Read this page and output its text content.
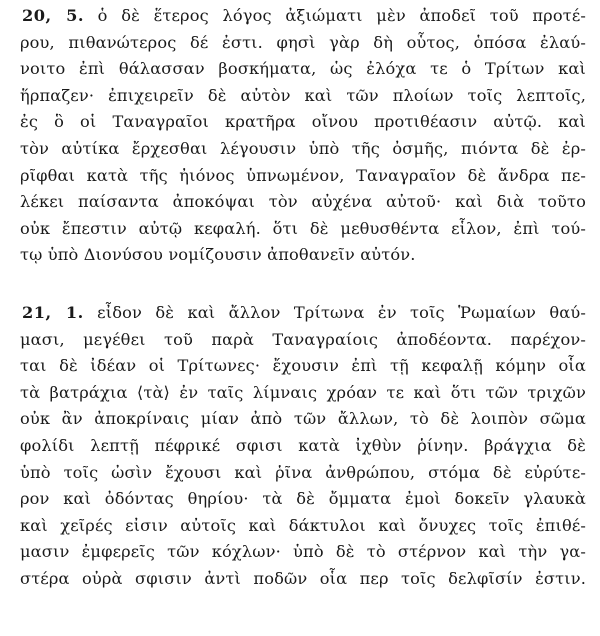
20, 5. ὁ δὲ ἕτερος λόγος ἀξιώματι μὲν ἀποδεῖ τοῦ προτέ-
ρου, πιθανώτερος δέ ἐστι. φησὶ γὰρ δὴ οὗτος, ὁπόσα ἐλαύ-
νοιτο ἐπὶ θάλασσαν βοσκήματα, ὡς ἐλόχα τε ὁ Τρίτων καὶ
ἥρπαζεν· ἐπιχειρεῖν δὲ αὐτὸν καὶ τῶν πλοίων τοῖς λεπτοῖς,
ἐς ὃ οἱ Ταναγραῖοι κρατῆρα οἴνου προτιθέασιν αὐτῷ. καὶ
τὸν αὐτίκα ἔρχεσθαι λέγουσιν ὑπὸ τῆς ὀσμῆς, πιόντα δὲ ἐρ-
ρῖφθαι κατὰ τῆς ἠιόνος ὑπνωμένον, Ταναγραῖον δὲ ἄνδρα πε-
λέκει παίσαντα ἀποκόψαι τὸν αὐχένα αὐτοῦ· καὶ διὰ τοῦτο
οὐκ ἔπεστιν αὐτῷ κεφαλή. ὅτι δὲ μεθυσθέντα εἷλον, ἐπὶ τού-
τῳ ὑπὸ Διονύσου νομίζουσιν ἀποθανεῖν αὐτόν.
21, 1. εἶδον δὲ καὶ ἄλλον Τρίτωνα ἐν τοῖς Ῥωμαίων θαύ-
μασι, μεγέθει τοῦ παρὰ Ταναγραίοις ἀποδέοντα. παρέχον-
ται δὲ ἰδέαν οἱ Τρίτωνες· ἔχουσιν ἐπὶ τῇ κεφαλῇ κόμην οἷα
τὰ βατράχια ⟨τὰ⟩ ἐν ταῖς λίμναις χρόαν τε καὶ ὅτι τῶν τριχῶν
οὐκ ἂν ἀποκρίναις μίαν ἀπὸ τῶν ἄλλων, τὸ δὲ λοιπὸν σῶμα
φολίδι λεπτῇ πέφρικέ σφισι κατὰ ἰχθὺν ῥίνην. βράγχια δὲ
ὑπὸ τοῖς ὠσὶν ἔχουσι καὶ ῥῖνα ἀνθρώπου, στόμα δὲ εὐρύτε-
ρον καὶ ὀδόντας θηρίου· τὰ δὲ ὄμματα ἐμοὶ δοκεῖν γλαυκὰ
καὶ χεῖρές εἰσιν αὐτοῖς καὶ δάκτυλοι καὶ ὄνυχες τοῖς ἐπιθέ-
μασιν ἐμφερεῖς τῶν κόχλων· ὑπὸ δὲ τὸ στέρνον καὶ τὴν γα-
στέρα οὐρὰ σφισιν ἀντὶ ποδῶν οἷα περ τοῖς δελφῖσίν ἐστιν.
